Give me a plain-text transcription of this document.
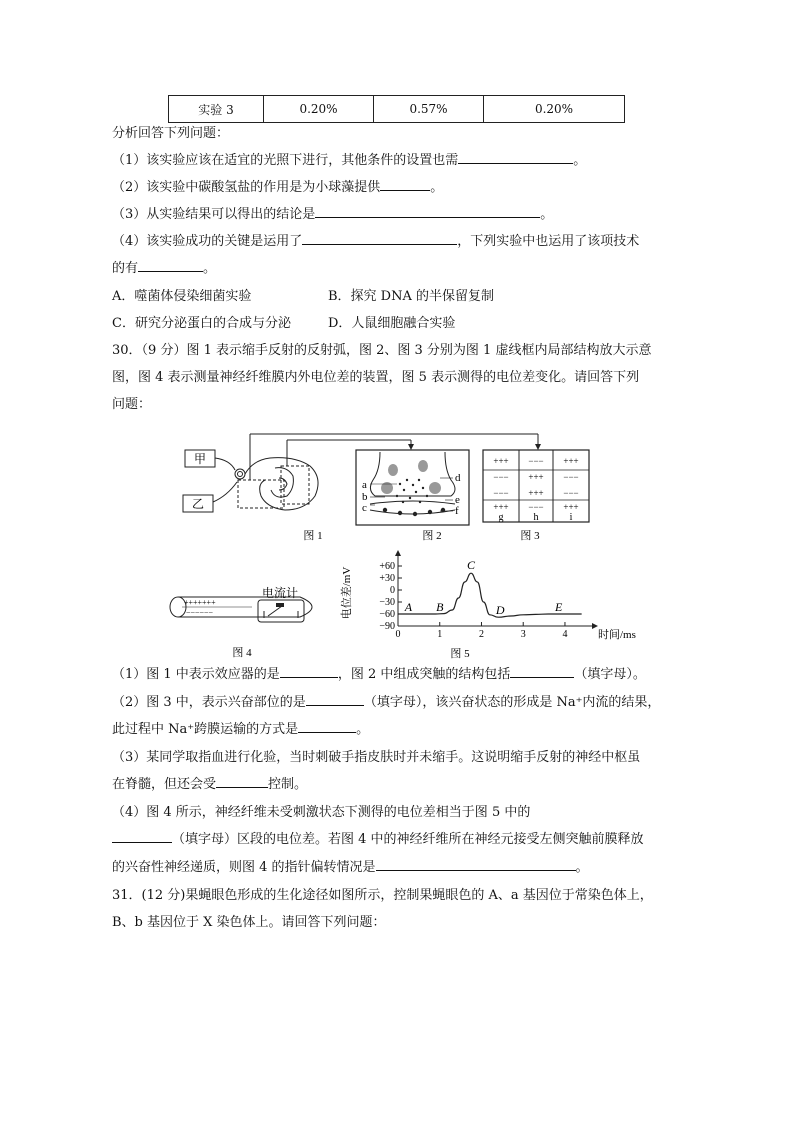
实验 3	0.20%	0.57%	0.20%
分析回答下列问题：
（1）该实验应该在适宜的光照下进行，其他条件的设置也需	。
（2）该实验中碳酸氢盐的作用是为小球藻提供	。
（3）从实验结果可以得出的结论是	。
（4）该实验成功的关键是运用了	，下列实验中也运用了该项技术
的有	。
A．噬菌体侵染细菌实验	B．探究 DNA 的半保留复制
C．研究分泌蛋白的合成与分泌	D．人鼠细胞融合实验
30．（9 分）图 1 表示缩手反射的反射弧，图 2、图 3 分别为图 1 虚线框内局部结构放大示意
图，图 4 表示测量神经纤维膜内外电位差的装置，图 5 表示测得的电位差变化。请回答下列
问题：
甲
乙
图 1
a
b
c
d
e
f
图 2
+++ −−− +++
−−− +++ −−−
−−− +++ −−−
+++ −−− +++
g	h	i
图 3
+++++++
−−−−−−
电流计
图 4
电位差/mV
+60
+30
0
−30
−60
−90
0	1	2	3	4
A B
C
D	E
时间/ms
图 5
（1）图 1 中表示效应器的是	，图 2 中组成突触的结构包括	（填字母）。
（2）图 3 中，表示兴奋部位的是	（填字母），该兴奋状态的形成是 Na⁺内流的结果，
此过程中 Na⁺跨膜运输的方式是	。
（3）某同学取指血进行化验，当时刺破手指皮肤时并未缩手。这说明缩手反射的神经中枢虽
在脊髓，但还会受	控制。
（4）图 4 所示，神经纤维未受刺激状态下测得的电位差相当于图 5 中的
（填字母）区段的电位差。若图 4 中的神经纤维所在神经元接受左侧突触前膜释放
的兴奋性神经递质，则图 4 的指针偏转情况是	。
31．(12 分)果蝇眼色形成的生化途径如图所示，控制果蝇眼色的 A、a 基因位于常染色体上，
B、b 基因位于 X 染色体上。请回答下列问题：
